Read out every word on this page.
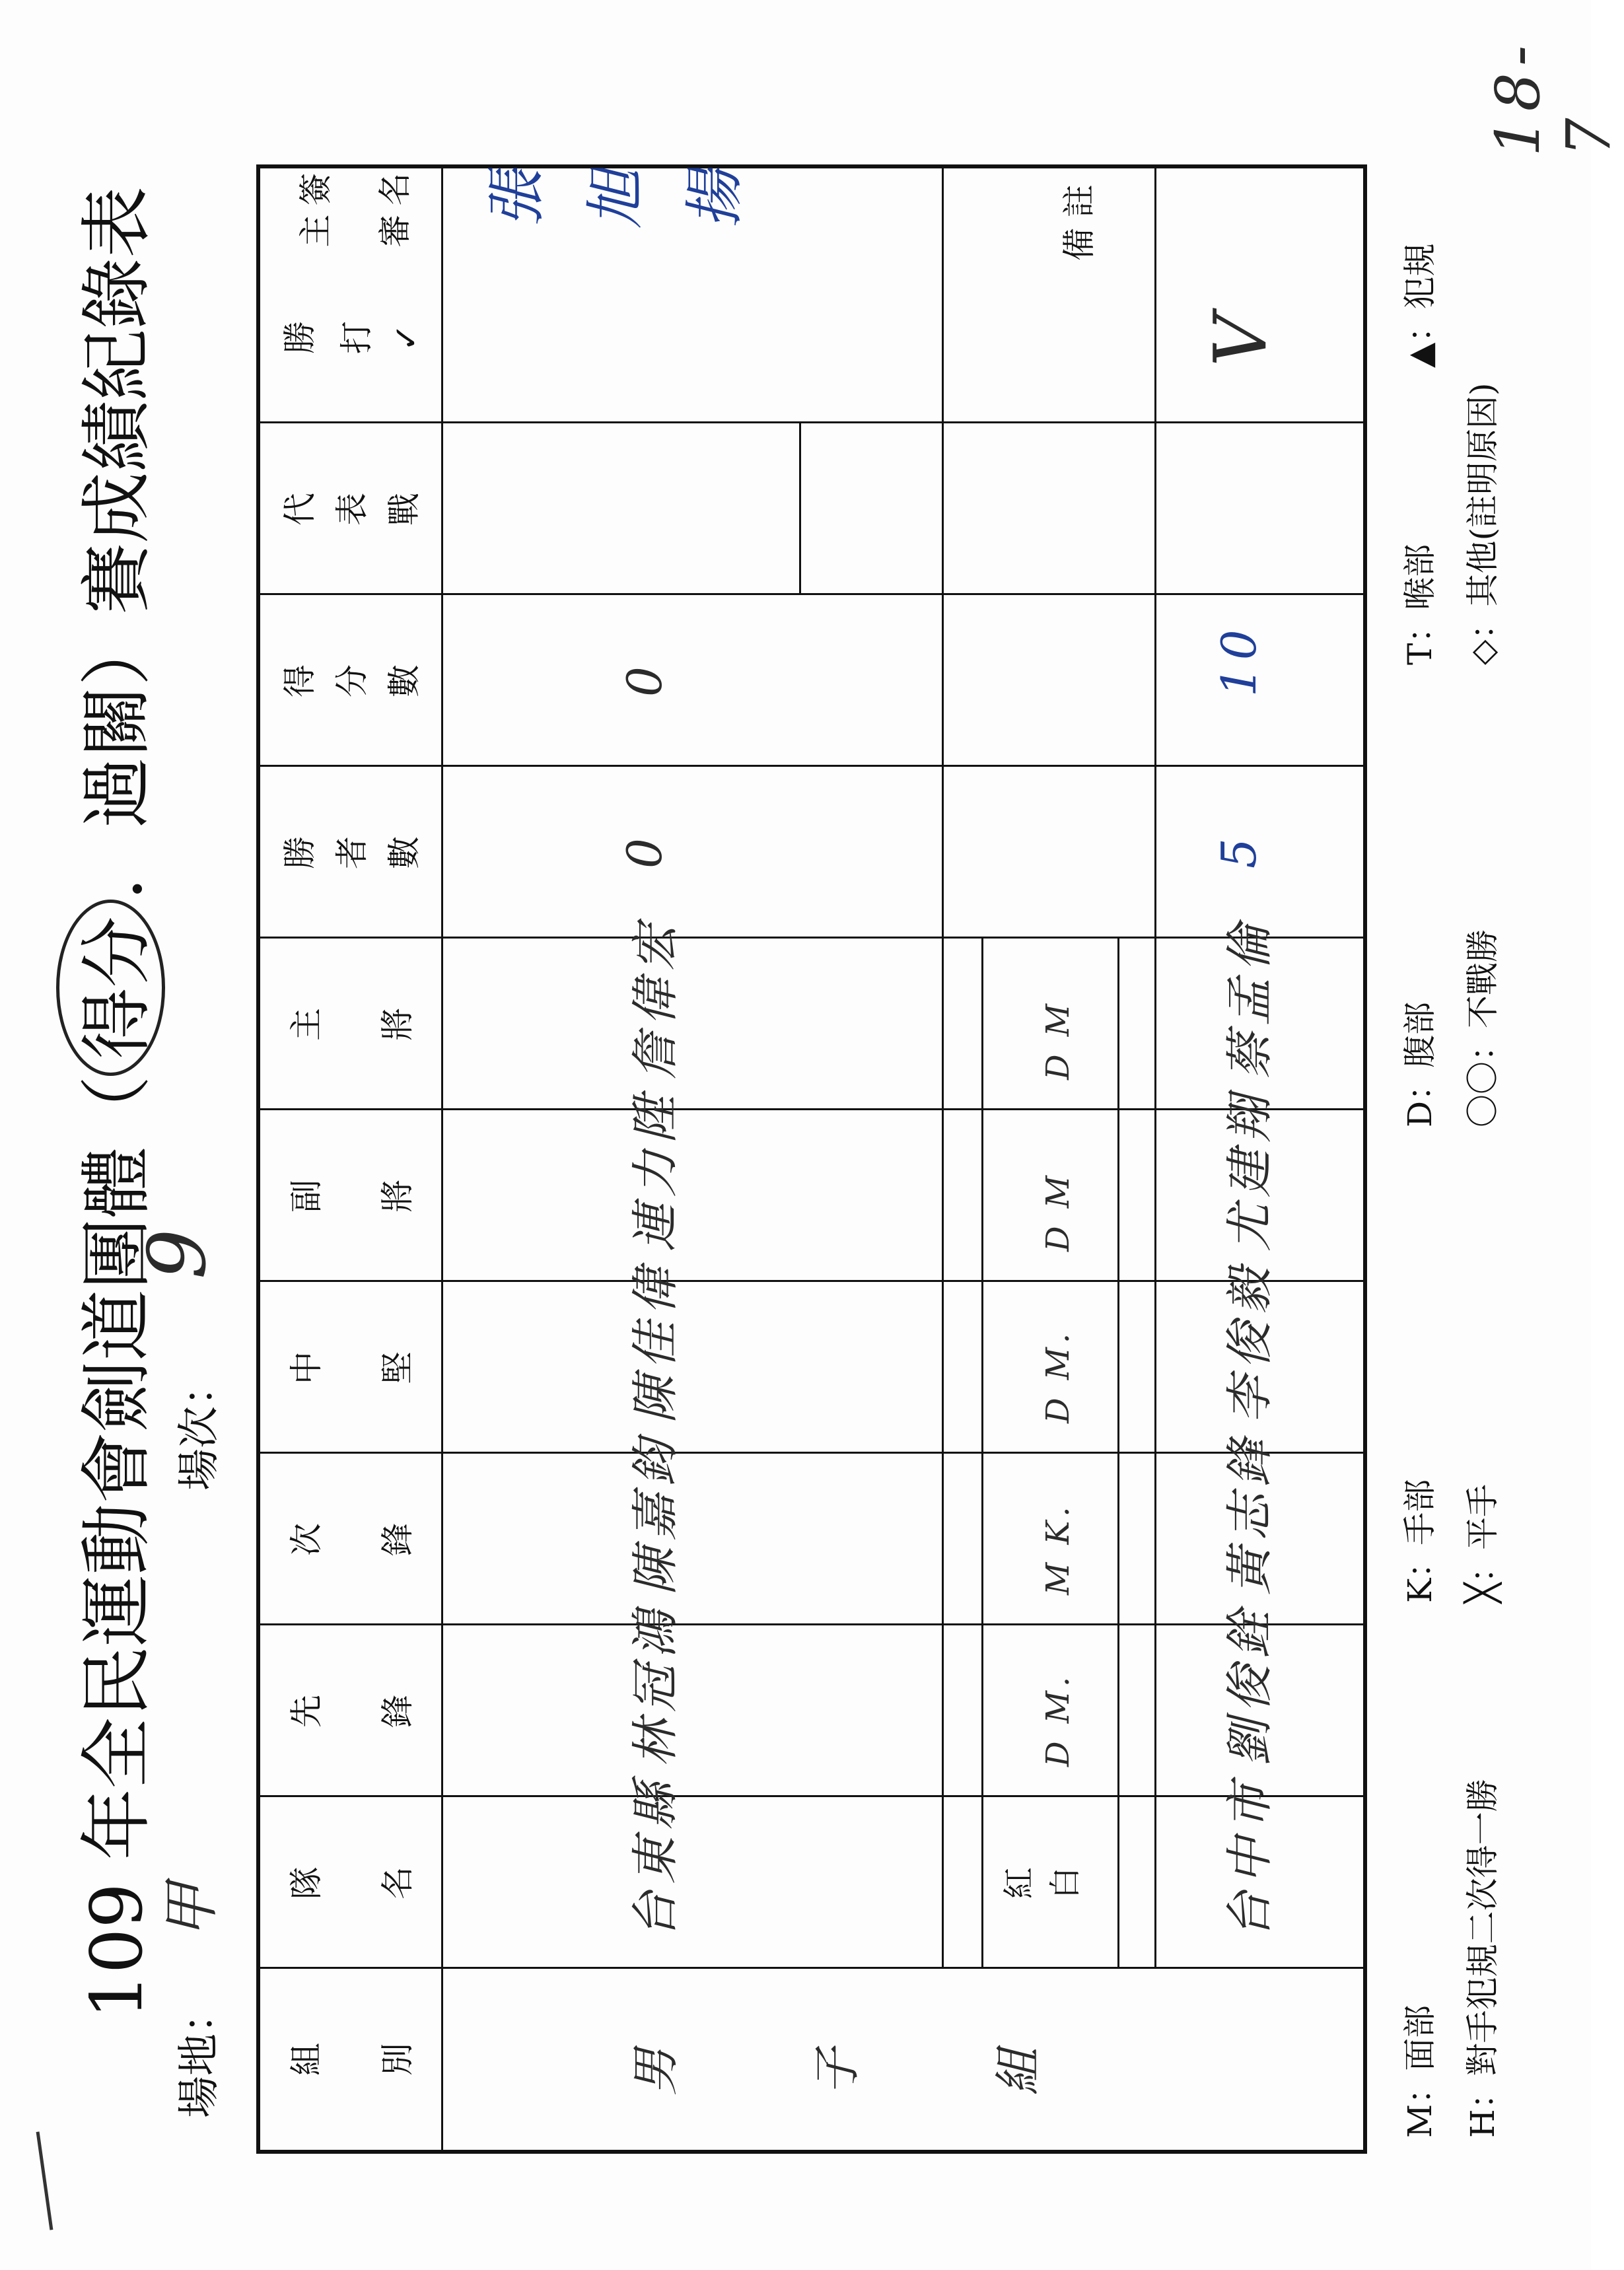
109 年全民運動會劍道團體（得分．過關）賽成績紀錄表
場地：
甲
場次：
9
18-7
組 別
隊 名
先 鋒
次 鋒
中 堅
副 將
主 將
勝 者 數
得 分 數
代 表 戰
勝 打 ✓
主
簽
審
名	備 註
男 子 組
紅
台東縣
林冠鴻
陳嘉鈞
陳佳偉
連力陞
詹偉宏
0
0
白
D M.
M K.
D M.
D M
D M
台中市
劉俊銓
黃志鋒
李俊毅
尤建翔
蔡孟倫
5
10
V
張旭揚
M：面部
K：手部
D：腹部
T：喉部
▲：犯規
H：對手犯規二次得一勝
╳：平手
〇〇：不戰勝
◇：其他(註明原因)
